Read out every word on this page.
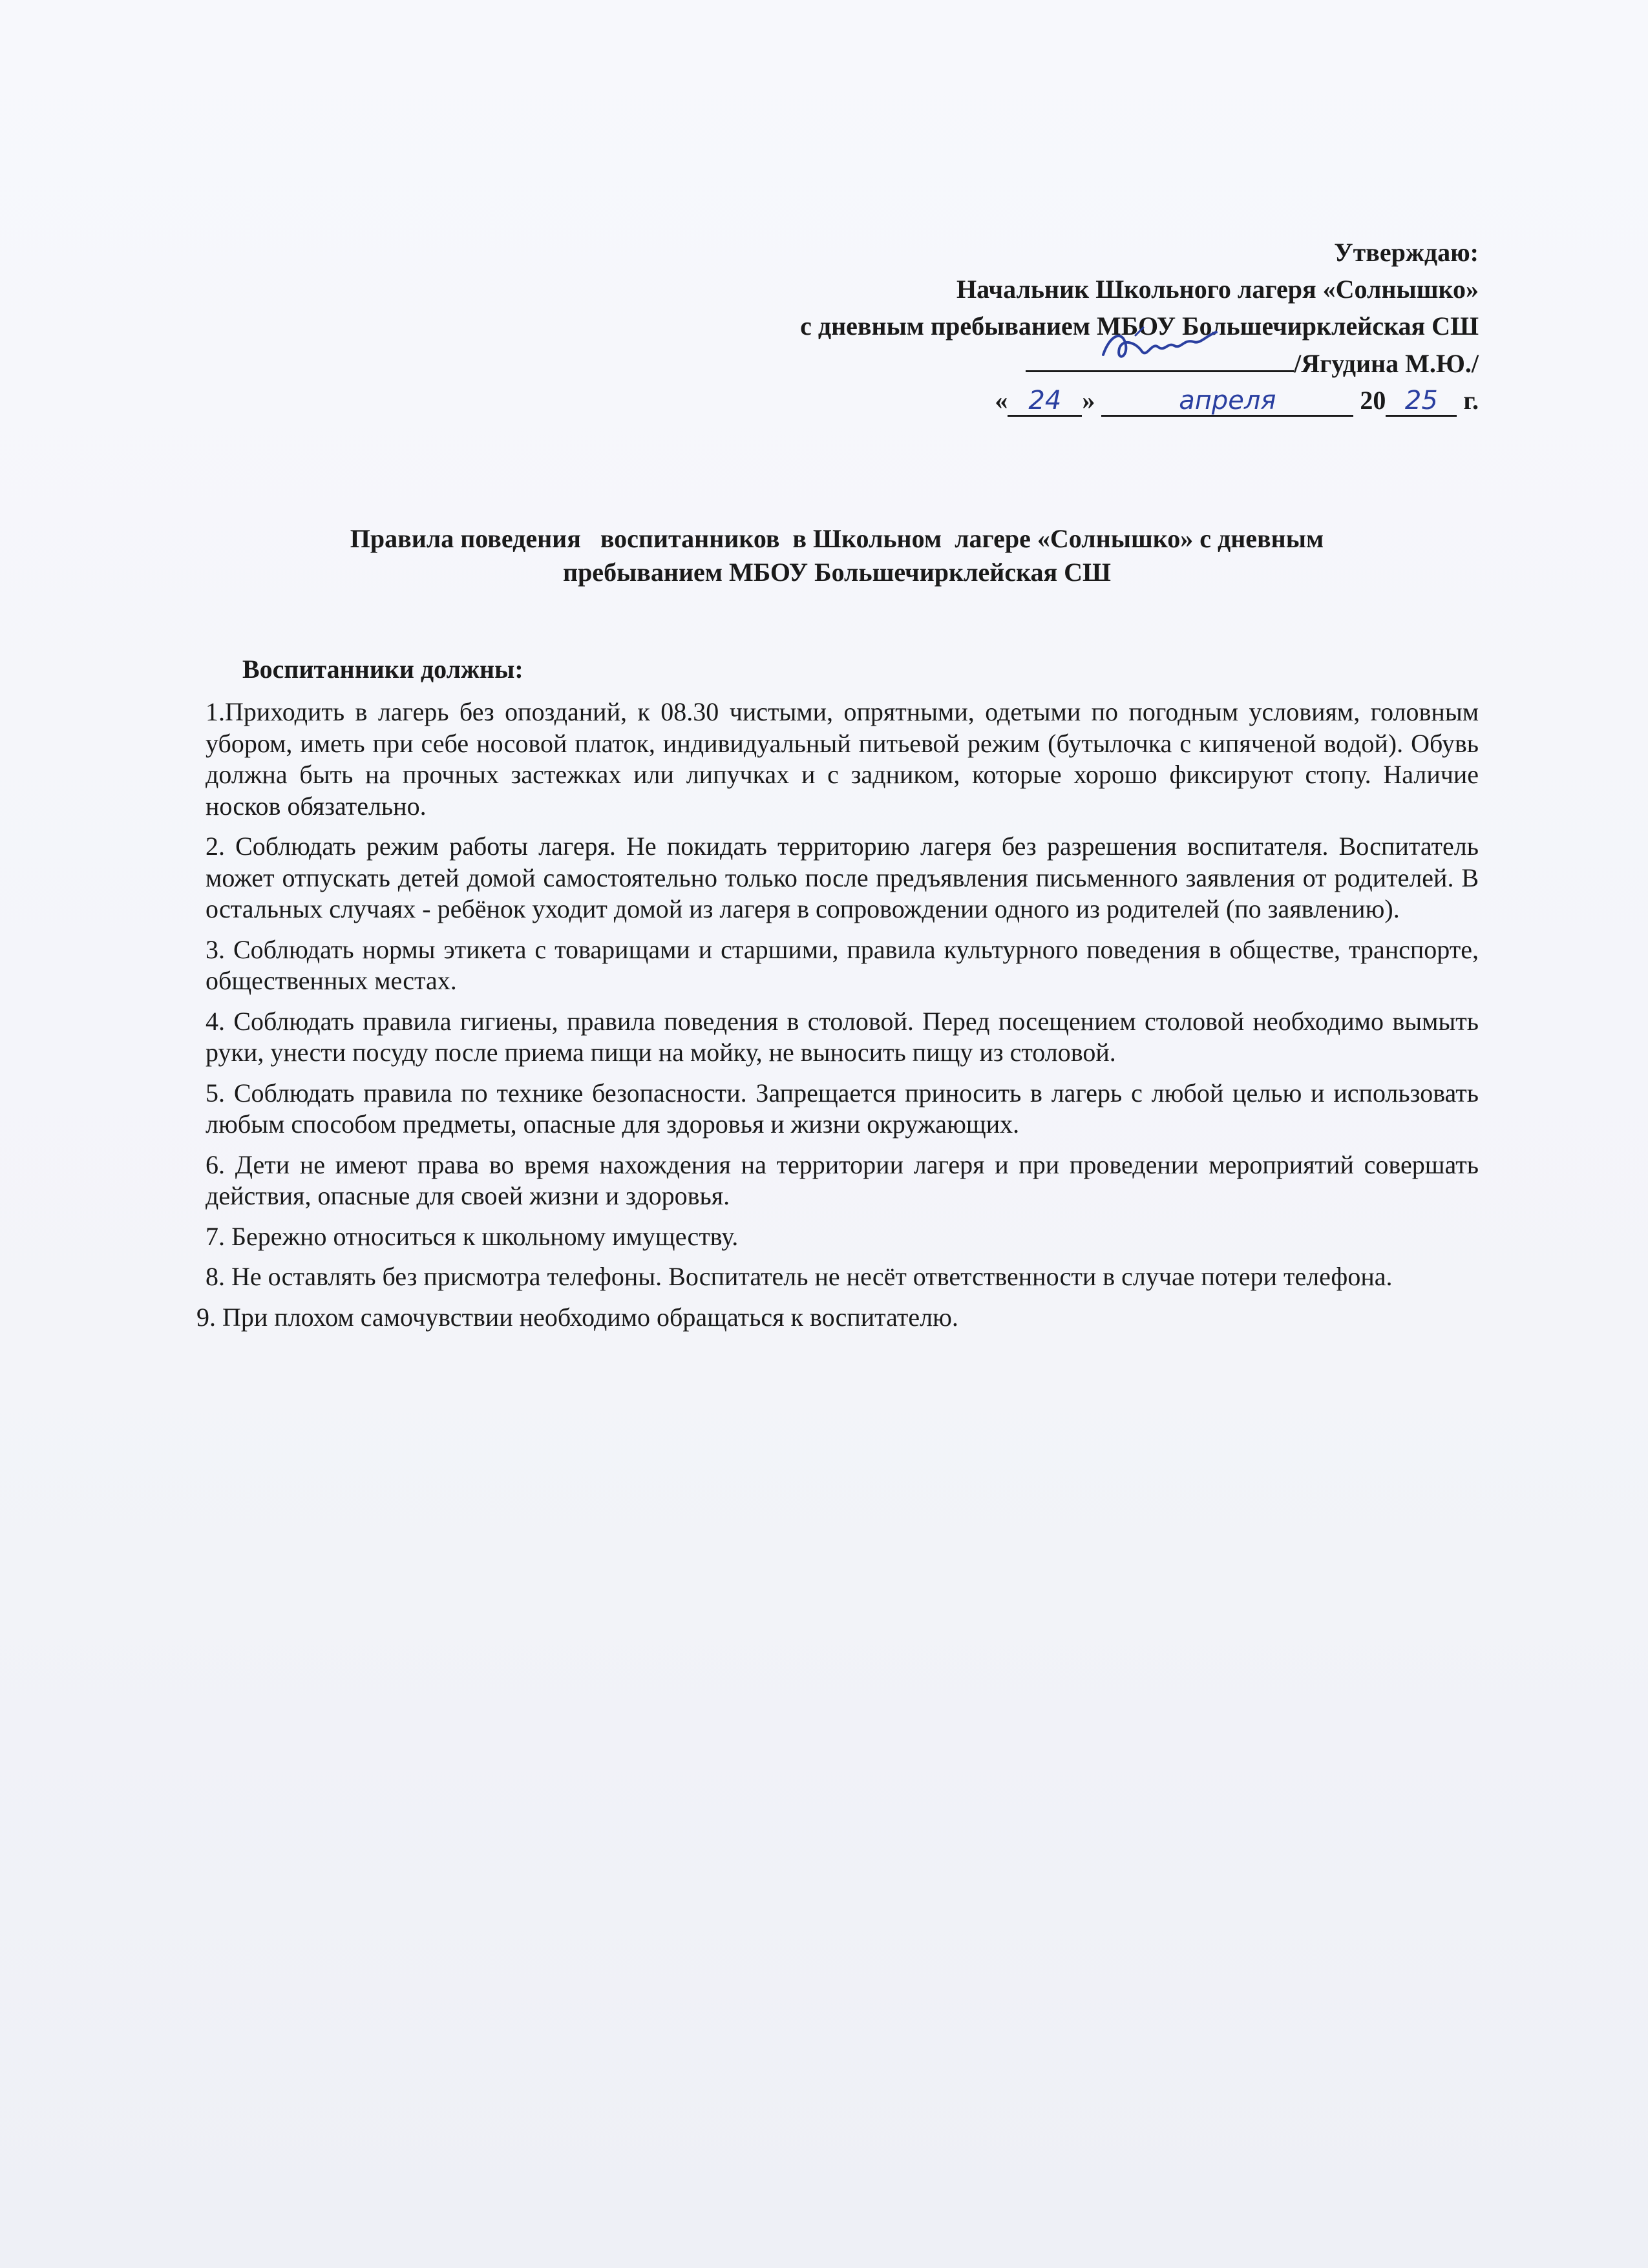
Утверждаю:
Начальник Школьного лагеря «Солнышко»
с дневным пребыванием МБОУ Большечирклейская СШ
/Ягудина М.Ю./
« 24 »	апреля	20 25 г.
Правила поведения   воспитанников  в Школьном  лагере «Солнышко» с дневным
пребыванием МБОУ Большечирклейская СШ
Воспитанники должны:

1.Приходить в лагерь без опозданий, к 08.30 чистыми, опрятными, одетыми по погодным условиям, головным убором, иметь при себе носовой платок, индивидуальный питьевой режим (бутылочка с кипяченой водой). Обувь должна быть на прочных застежках или липучках и с задником, которые хорошо фиксируют стопу. Наличие носков обязательно.

2. Соблюдать режим работы лагеря. Не покидать территорию лагеря без разрешения воспитателя. Воспитатель может отпускать детей домой самостоятельно только после предъявления письменного заявления от родителей. В остальных случаях - ребёнок уходит домой из лагеря в сопровождении одного из родителей (по заявлению).

3. Соблюдать нормы этикета с товарищами и старшими, правила культурного поведения в обществе, транспорте, общественных местах.

4. Соблюдать правила гигиены, правила поведения в столовой. Перед посещением столовой необходимо вымыть руки, унести посуду после приема пищи на мойку, не выносить пищу из столовой.

5. Соблюдать правила по технике безопасности. Запрещается приносить в лагерь с любой целью и использовать любым способом предметы, опасные для здоровья и жизни окружающих.

6. Дети не имеют права во время нахождения на территории лагеря и при проведении мероприятий совершать действия, опасные для своей жизни и здоровья.

7. Бережно относиться к школьному имуществу.

8. Не оставлять без присмотра телефоны. Воспитатель не несёт ответственности в случае потери телефона.

9. При плохом самочувствии необходимо обращаться к воспитателю.
